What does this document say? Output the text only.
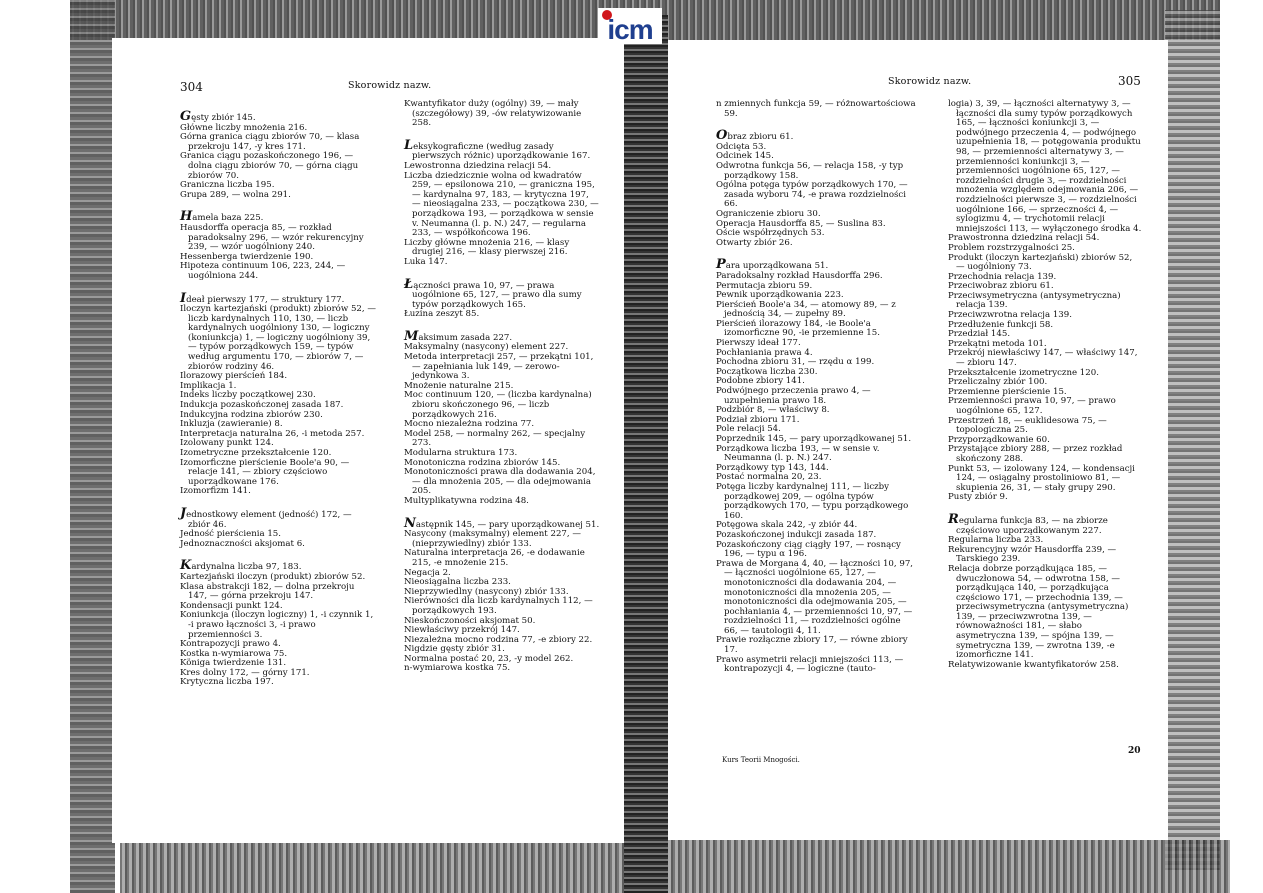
icm
304	Skorowidz nazw.

Gęsty zbiór 145.

Główne liczby mnożenia 216.

Górna granica ciągu zbiorów 70, — klasa przekroju 147, -y kres 171.

Granica ciągu pozaskończonego 196, — dolna ciągu zbiorów 70, — górna ciągu zbiorów 70.

Graniczna liczba 195.

Grupa 289, — wolna 291.

Hamela baza 225.

Hausdorffa operacja 85, — rozkład paradoksalny 296, — wzór rekurencyjny 239, — wzór uogólniony 240.

Hessenberga twierdzenie 190.

Hipoteza continuum 106, 223, 244, — uogólniona 244.

Ideał pierwszy 177, — struktury 177.

Iloczyn kartezjański (produkt) zbiorów 52, — liczb kardynalnych 110, 130, — liczb kardynalnych uogólniony 130, — logiczny (koniunkcja) 1, — logiczny uogólniony 39, — typów porządkowych 159, — typów według argumentu 170, — zbiorów 7, — zbiorów rodziny 46.

Ilorazowy pierścień 184.

Implikacja 1.

Indeks liczby początkowej 230.

Indukcja pozaskończonej zasada 187.

Indukcyjna rodzina zbiorów 230.

Inkluzja (zawieranie) 8.

Interpretacja naturalna 26, -i metoda 257.

Izolowany punkt 124.

Izometryczne przekształcenie 120.

Izomorficzne pierścienie Boole'a 90, — relacje 141, — zbiory częściowo uporządkowane 176.

Izomorfizm 141.

Jednostkowy element (jedność) 172, — zbiór 46.

Jedność pierścienia 15.

Jednoznaczności aksjomat 6.

Kardynalna liczba 97, 183.

Kartezjański iloczyn (produkt) zbiorów 52.

Klasa abstrakcji 182, — dolna przekroju 147, — górna przekroju 147.

Kondensacji punkt 124.

Koniunkcja (iloczyn logiczny) 1, -i czynnik 1, -i prawo łączności 3, -i prawo przemienności 3.

Kontrapozycji prawo 4.

Kostka n-wymiarowa 75.

Königa twierdzenie 131.

Kres dolny 172, — górny 171.

Krytyczna liczba 197.

Kwantyfikator duży (ogólny) 39, — mały (szczegółowy) 39, -ów relatywizowanie 258.

Leksykograficzne (według zasady pierwszych różnic) uporządkowanie 167.

Lewostronna dziedzina relacji 54.

Liczba dziedzicznie wolna od kwadratów 259, — epsilonowa 210, — graniczna 195, — kardynalna 97, 183, — krytyczna 197, — nieosiągalna 233, — początkowa 230, — porządkowa 193, — porządkowa w sensie v. Neumanna (l. p. N.) 247, — regularna 233, — współkońcowa 196.

Liczby główne mnożenia 216, — klasy drugiej 216, — klasy pierwszej 216.

Luka 147.

Łączności prawa 10, 97, — prawa uogólnione 65, 127, — prawo dla sumy typów porządkowych 165.

Łuzina zeszyt 85.

Maksimum zasada 227.

Maksymalny (nasycony) element 227.

Metoda interpretacji 257, — przekątni 101, — zapełniania luk 149, — zerowo-jedynkowa 3.

Mnożenie naturalne 215.

Moc continuum 120, — (liczba kardynalna) zbioru skończonego 96, — liczb porządkowych 216.

Mocno niezależna rodzina 77.

Model 258, — normalny 262, — specjalny 273.

Modularna struktura 173.

Monotoniczna rodzina zbiorów 145.

Monotoniczności prawa dla dodawania 204, — dla mnożenia 205, — dla odejmowania 205.

Multyplikatywna rodzina 48.

Następnik 145, — pary uporządkowanej 51.

Nasycony (maksymalny) element 227, — (nieprzywiedlny) zbiór 133.

Naturalna interpretacja 26, -e dodawanie 215, -e mnożenie 215.

Negacja 2.

Nieosiągalna liczba 233.

Nieprzywiedlny (nasycony) zbiór 133.

Nierówności dla liczb kardynalnych 112, — porządkowych 193.

Nieskończoności aksjomat 50.

Niewłaściwy przekrój 147.

Niezależna mocno rodzina 77, -e zbiory 22.

Nigdzie gęsty zbiór 31.

Normalna postać 20, 23, -y model 262.

n-wymiarowa kostka 75.

Skorowidz nazw.	305

n zmiennych funkcja 59, — różnowartościowa 59.

Obraz zbioru 61.

Odcięta 53.

Odcinek 145.

Odwrotna funkcja 56, — relacja 158, -y typ porządkowy 158.

Ogólna potęga typów porządkowych 170, — zasada wyboru 74, -e prawa rozdzielności 66.

Ograniczenie zbioru 30.

Operacja Hausdorffa 85, — Suslina 83.

Oście współrzędnych 53.

Otwarty zbiór 26.

Para uporządkowana 51.

Paradoksalny rozkład Hausdorffa 296.

Permutacja zbioru 59.

Pewnik uporządkowania 223.

Pierścień Boole'a 34, — atomowy 89, — z jednością 34, — zupełny 89.

Pierścień ilorazowy 184, -ie Boole'a izomorficzne 90, -ie przemienne 15.

Pierwszy ideał 177.

Pochłaniania prawa 4.

Pochodna zbioru 31, — rzędu α 199.

Początkowa liczba 230.

Podobne zbiory 141.

Podwójnego przeczenia prawo 4, — uzupełnienia prawo 18.

Podzbiór 8, — właściwy 8.

Podział zbioru 171.

Pole relacji 54.

Poprzednik 145, — pary uporządkowanej 51.

Porządkowa liczba 193, — w sensie v. Neumanna (l. p. N.) 247.

Porządkowy typ 143, 144.

Postać normalna 20, 23.

Potęga liczby kardynalnej 111, — liczby porządkowej 209, — ogólna typów porządkowych 170, — typu porządkowego 160.

Potęgowa skala 242, -y zbiór 44.

Pozaskończonej indukcji zasada 187.

Pozaskończony ciąg ciągły 197, — rosnący 196, — typu α 196.

Prawa de Morgana 4, 40, — łączności 10, 97, — łączności uogólnione 65, 127, — monotoniczności dla dodawania 204, — monotoniczności dla mnożenia 205, — monotoniczności dla odejmowania 205, — pochłaniania 4, — przemienności 10, 97, — rozdzielności 11, — rozdzielności ogólne 66, — tautologii 4, 11.

Prawie rozłączne zbiory 17, — równe zbiory 17.

Prawo asymetrii relacji mniejszości 113, — kontrapozycji 4, — logiczne (tauto-

logia) 3, 39, — łączności alternatywy 3, — łączności dla sumy typów porządkowych 165, — łączności koniunkcji 3, — podwójnego przeczenia 4, — podwójnego uzupełnienia 18, — potęgowania produktu 98, — przemienności alternatywy 3, — przemienności koniunkcji 3, — przemienności uogólnione 65, 127, — rozdzielności drugie 3, — rozdzielności mnożenia względem odejmowania 206, — rozdzielności pierwsze 3, — rozdzielności uogólnione 166, — sprzeczności 4, — sylogizmu 4, — trychotomii relacji mniejszości 113, — wyłączonego środka 4.

Prawostronna dziedzina relacji 54.

Problem rozstrzygalności 25.

Produkt (iloczyn kartezjański) zbiorów 52, — uogólniony 73.

Przechodnia relacja 139.

Przeciwobraz zbioru 61.

Przeciwsymetryczna (antysymetryczna) relacja 139.

Przeciwzwrotna relacja 139.

Przedłużenie funkcji 58.

Przedział 145.

Przekątni metoda 101.

Przekrój niewłaściwy 147, — właściwy 147, — zbioru 147.

Przekształcenie izometryczne 120.

Przeliczalny zbiór 100.

Przemienne pierścienie 15.

Przemienności prawa 10, 97, — prawo uogólnione 65, 127.

Przestrzeń 18, — euklidesowa 75, — topologiczna 25.

Przyporządkowanie 60.

Przystające zbiory 288, — przez rozkład skończony 288.

Punkt 53, — izolowany 124, — kondensacji 124, — osiągalny prostoliniowo 81, — skupienia 26, 31, — stały grupy 290.

Pusty zbiór 9.

Regularna funkcja 83, — na zbiorze częściowo uporządkowanym 227.

Regularna liczba 233.

Rekurencyjny wzór Hausdorffa 239, — Tarskiego 239.

Relacja dobrze porządkująca 185, — dwuczłonowa 54, — odwrotna 158, — porządkująca 140, — porządkująca częściowo 171, — przechodnia 139, — przeciwsymetryczna (antysymetryczna) 139, — przeciwzwrotna 139, — równoważności 181, — słabo asymetryczna 139, — spójna 139, — symetryczna 139, — zwrotna 139, -e izomorficzne 141.

Relatywizowanie kwantyfikatorów 258.

Kurs Teorii Mnogości.
20
